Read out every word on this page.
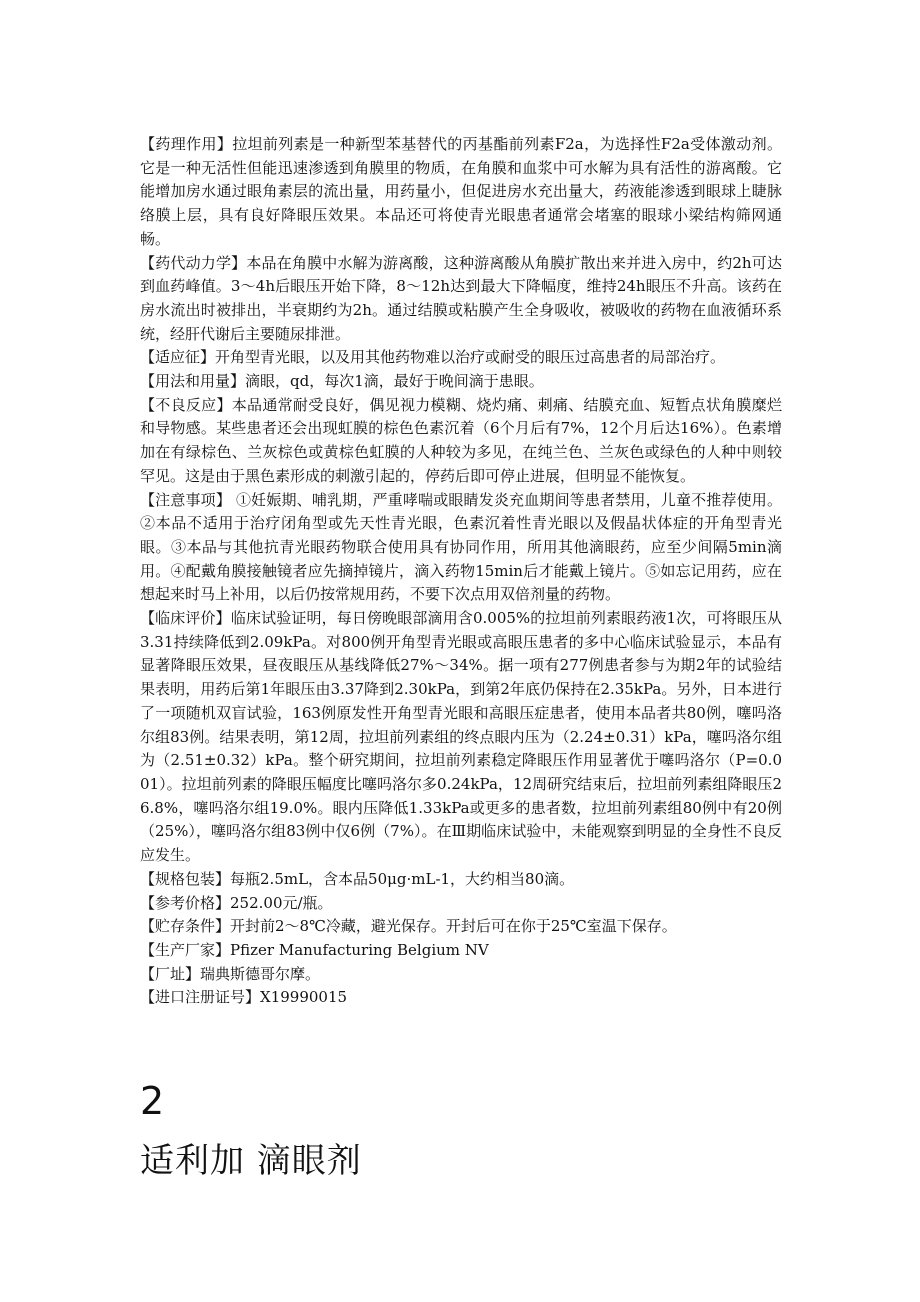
【药理作用】拉坦前列素是一种新型苯基替代的丙基酯前列素F2a，为选择性F2a受体激动剂。它是一种无活性但能迅速渗透到角膜里的物质，在角膜和血浆中可水解为具有活性的游离酸。它能增加房水通过眼角素层的流出量，用药量小，但促进房水充出量大，药液能渗透到眼球上睫脉络膜上层，具有良好降眼压效果。本品还可将使青光眼患者通常会堵塞的眼球小梁结构筛网通畅。

【药代动力学】本品在角膜中水解为游离酸，这种游离酸从角膜扩散出来并进入房中，约2h可达到血药峰值。3～4h后眼压开始下降，8～12h达到最大下降幅度，维持24h眼压不升高。该药在房水流出时被排出，半衰期约为2h。通过结膜或粘膜产生全身吸收，被吸收的药物在血液循环系统，经肝代谢后主要随尿排泄。

【适应征】开角型青光眼，以及用其他药物难以治疗或耐受的眼压过高患者的局部治疗。

【用法和用量】滴眼，qd，每次1滴，最好于晚间滴于患眼。

【不良反应】本品通常耐受良好，偶见视力模糊、烧灼痛、刺痛、结膜充血、短暂点状角膜糜烂和导物感。某些患者还会出现虹膜的棕色色素沉着（6个月后有7%，12个月后达16%）。色素增加在有绿棕色、兰灰棕色或黄棕色虹膜的人种较为多见，在纯兰色、兰灰色或绿色的人种中则较罕见。这是由于黑色素形成的刺激引起的，停药后即可停止进展，但明显不能恢复。

【注意事项】 ①妊娠期、哺乳期，严重哮喘或眼睛发炎充血期间等患者禁用，儿童不推荐使用。②本品不适用于治疗闭角型或先天性青光眼，色素沉着性青光眼以及假晶状体症的开角型青光眼。③本品与其他抗青光眼药物联合使用具有协同作用，所用其他滴眼药，应至少间隔5min滴用。④配戴角膜接触镜者应先摘掉镜片，滴入药物15min后才能戴上镜片。⑤如忘记用药，应在想起来时马上补用，以后仍按常规用药，不要下次点用双倍剂量的药物。

【临床评价】临床试验证明，每日傍晚眼部滴用含0.005%的拉坦前列素眼药液1次，可将眼压从3.31持续降低到2.09kPa。对800例开角型青光眼或高眼压患者的多中心临床试验显示，本品有显著降眼压效果，昼夜眼压从基线降低27%～34%。据一项有277例患者参与为期2年的试验结果表明，用药后第1年眼压由3.37降到2.30kPa，到第2年底仍保持在2.35kPa。另外，日本进行了一项随机双盲试验，163例原发性开角型青光眼和高眼压症患者，使用本品者共80例，噻吗洛尔组83例。结果表明，第12周，拉坦前列素组的终点眼内压为（2.24±0.31）kPa，噻吗洛尔组为（2.51±0.32）kPa。整个研究期间，拉坦前列素稳定降眼压作用显著优于噻吗洛尔（P=0.001）。拉坦前列素的降眼压幅度比噻吗洛尔多0.24kPa，12周研究结束后，拉坦前列素组降眼压26.8%，噻吗洛尔组19.0%。眼内压降低1.33kPa或更多的患者数，拉坦前列素组80例中有20例（25%），噻吗洛尔组83例中仅6例（7%）。在Ⅲ期临床试验中，未能观察到明显的全身性不良反应发生。

【规格包装】每瓶2.5mL，含本品50μg·mL-1，大约相当80滴。

【参考价格】252.00元/瓶。

【贮存条件】开封前2～8℃冷藏，避光保存。开封后可在你于25℃室温下保存。

【生产厂家】Pfizer Manufacturing Belgium NV

【厂址】瑞典斯德哥尔摩。

【进口注册证号】X19990015

2
适利加 滴眼剂
